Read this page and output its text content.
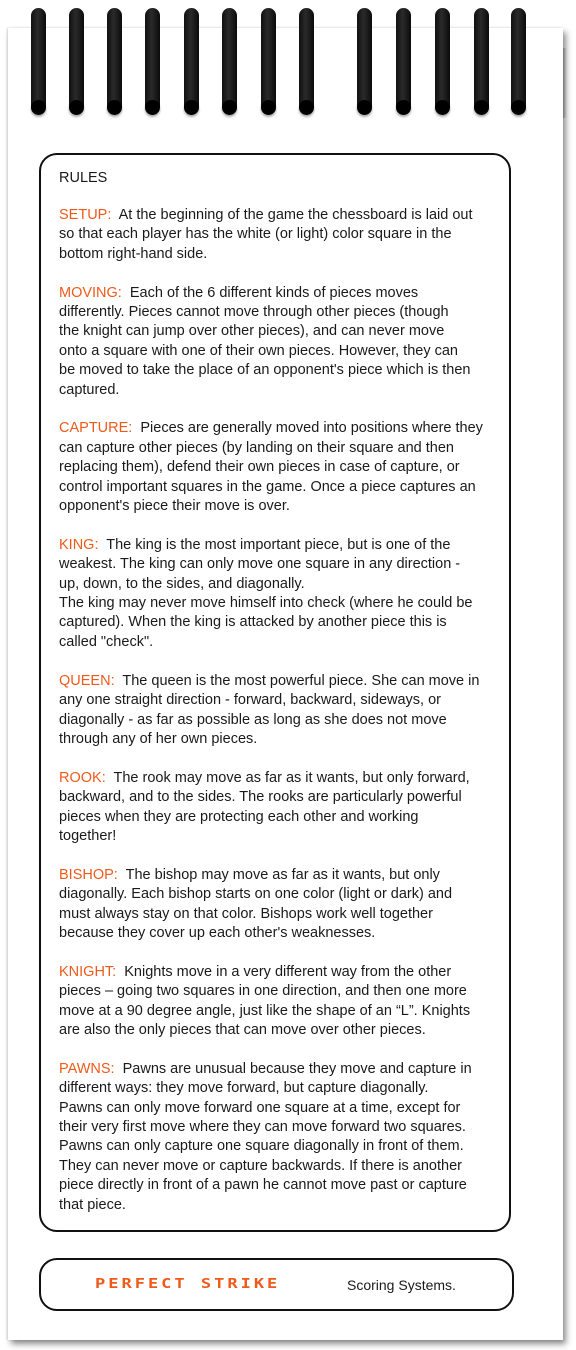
RULES
SETUP: At the beginning of the game the chessboard is laid out
so that each player has the white (or light) color square in the
bottom right-hand side.
MOVING: Each of the 6 different kinds of pieces moves
differently. Pieces cannot move through other pieces (though
the knight can jump over other pieces), and can never move
onto a square with one of their own pieces. However, they can
be moved to take the place of an opponent's piece which is then
captured.
CAPTURE: Pieces are generally moved into positions where they
can capture other pieces (by landing on their square and then
replacing them), defend their own pieces in case of capture, or
control important squares in the game. Once a piece captures an
opponent's piece their move is over.
KING: The king is the most important piece, but is one of the
weakest. The king can only move one square in any direction -
up, down, to the sides, and diagonally.
The king may never move himself into check (where he could be
captured). When the king is attacked by another piece this is
called "check".
QUEEN: The queen is the most powerful piece. She can move in
any one straight direction - forward, backward, sideways, or
diagonally - as far as possible as long as she does not move
through any of her own pieces.
ROOK: The rook may move as far as it wants, but only forward,
backward, and to the sides. The rooks are particularly powerful
pieces when they are protecting each other and working
together!
BISHOP: The bishop may move as far as it wants, but only
diagonally. Each bishop starts on one color (light or dark) and
must always stay on that color. Bishops work well together
because they cover up each other's weaknesses.
KNIGHT: Knights move in a very different way from the other
pieces – going two squares in one direction, and then one more
move at a 90 degree angle, just like the shape of an “L”. Knights
are also the only pieces that can move over other pieces.
PAWNS: Pawns are unusual because they move and capture in
different ways: they move forward, but capture diagonally.
Pawns can only move forward one square at a time, except for
their very first move where they can move forward two squares.
Pawns can only capture one square diagonally in front of them.
They can never move or capture backwards. If there is another
piece directly in front of a pawn he cannot move past or capture
that piece.
PERFECT STRIKE	Scoring Systems.
